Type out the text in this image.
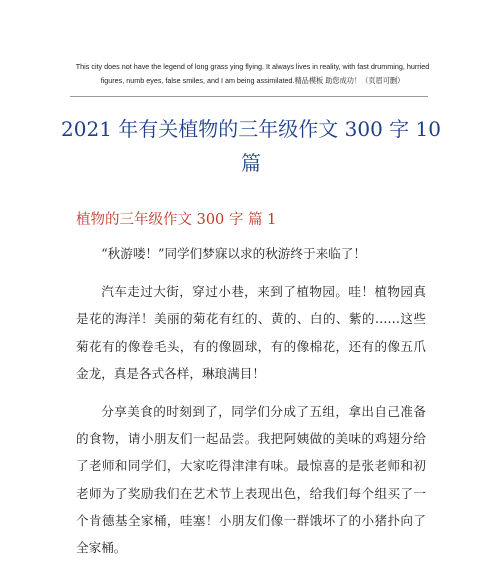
This city does not have the legend of long grass ying flying. It always lives in reality, with fast drumming, hurried
figures, numb eyes, false smiles, and I am being assimilated.精品模板 助您成功！（页眉可删）
2021 年有关植物的三年级作文 300 字 10 篇
植物的三年级作文 300 字 篇 1

“秋游喽！”同学们梦寐以求的秋游终于来临了！

汽车走过大街，穿过小巷，来到了植物园。哇！植物园真是花的海洋！美丽的菊花有红的、黄的、白的、紫的……这些菊花有的像卷毛头，有的像圆球，有的像棉花，还有的像五爪金龙，真是各式各样，琳琅满目！

分享美食的时刻到了，同学们分成了五组，拿出自己准备的食物，请小朋友们一起品尝。我把阿姨做的美味的鸡翅分给了老师和同学们，大家吃得津津有味。最惊喜的是张老师和初老师为了奖励我们在艺术节上表现出色，给我们每个组买了一个肯德基全家桶，哇塞！小朋友们像一群饿坏了的小猪扑向了全家桶。
